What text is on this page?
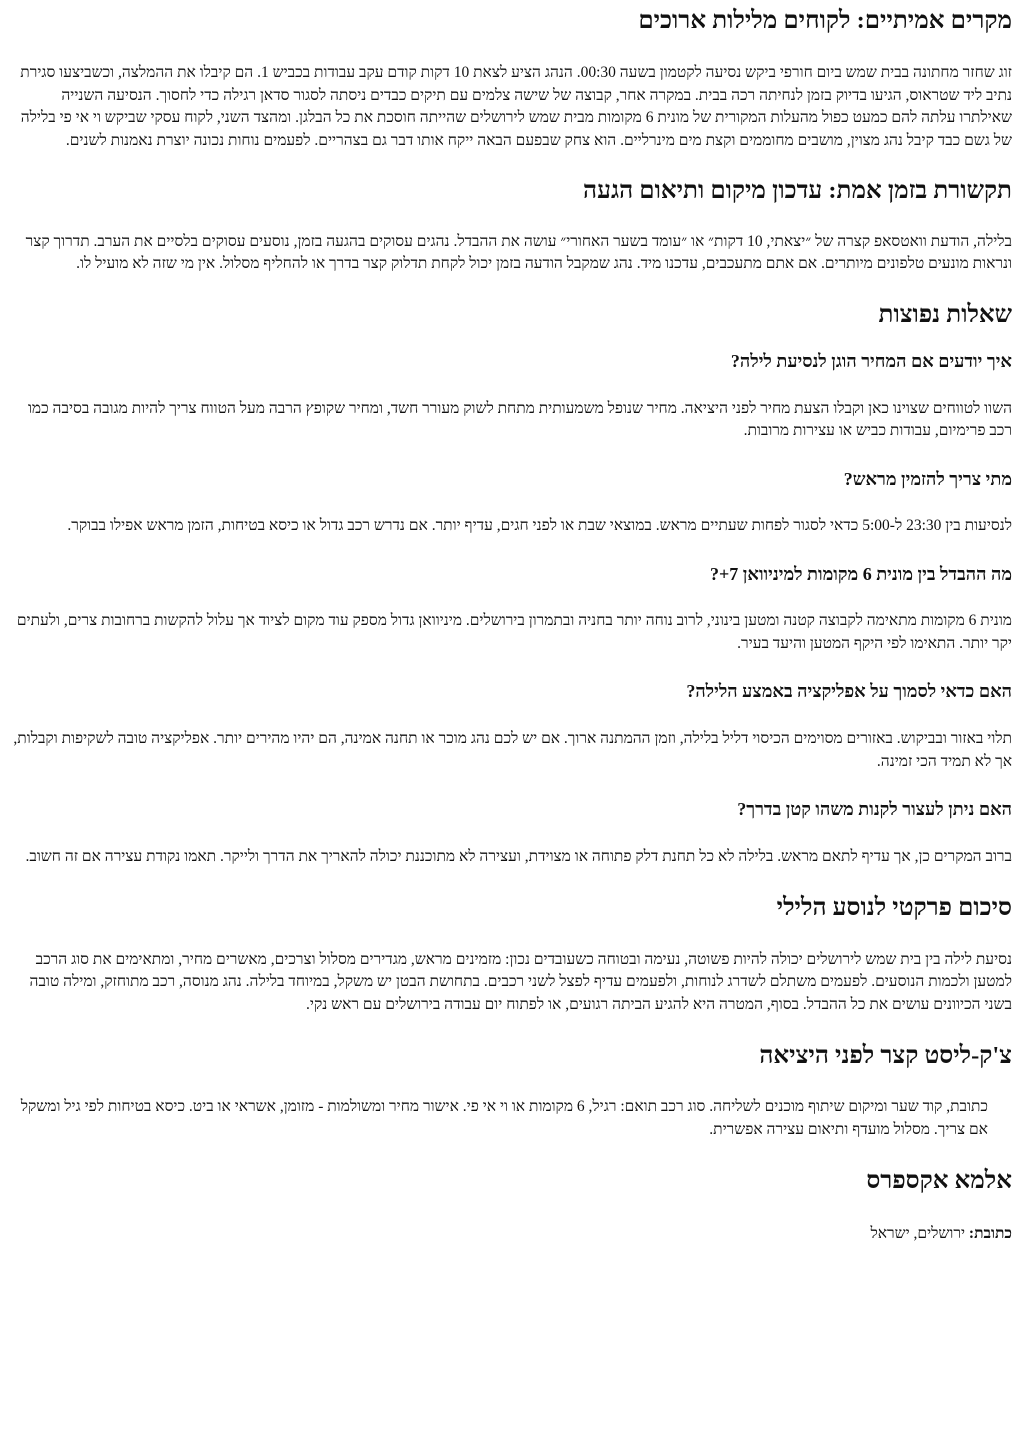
מקרים אמיתיים: לקוחים מלילות ארוכים

זוג שחזר מחתונה בבית שמש ביום חורפי ביקש נסיעה לקטמון בשעה 00:30. הנהג הציע לצאת 10 דקות קודם עקב עבודות בכביש 1. הם קיבלו את ההמלצה, וכשביצעו סגירת נתיב ליד שטראוס, הגיעו בדיוק בזמן לנחיתה רכה בבית. במקרה אחר, קבוצה של שישה צלמים עם תיקים כבדים ניסתה לסגור סדאן רגילה כדי לחסוך. הנסיעה השנייה שאילתרו עלתה להם כמעט כפול מהעלות המקורית של מונית 6 מקומות מבית שמש לירושלים שהייתה חוסכת את כל הבלגן. ומהצד השני, לקוח עסקי שביקש וי אי פי בלילה של גשם כבד קיבל נהג מצוין, מושבים מחוממים וקצת מים מינרליים. הוא צחק שבפעם הבאה ייקח אותו דבר גם בצהריים. לפעמים נוחות נכונה יוצרת נאמנות לשנים.

תקשורת בזמן אמת: עדכון מיקום ותיאום הגעה

בלילה, הודעת וואטסאפ קצרה של ״יצאתי, 10 דקות״ או ״עומד בשער האחורי״ עושה את ההבדל. נהגים עסוקים בהגעה בזמן, נוסעים עסוקים בלסיים את הערב. תדרוך קצר ונראות מונעים טלפונים מיותרים. אם אתם מתעכבים, עדכנו מיד. נהג שמקבל הודעה בזמן יכול לקחת תדלוק קצר בדרך או להחליף מסלול. אין מי שזה לא מועיל לו.

שאלות נפוצות
איך יודעים אם המחיר הוגן לנסיעת לילה?

השוו לטווחים שצוינו כאן וקבלו הצעת מחיר לפני היציאה. מחיר שנופל משמעותית מתחת לשוק מעורר חשד, ומחיר שקופץ הרבה מעל הטווח צריך להיות מגובה בסיבה כמו רכב פרימיום, עבודות כביש או עצירות מרובות.

מתי צריך להזמין מראש?

לנסיעות בין 23:30 ל-5:00 כדאי לסגור לפחות שעתיים מראש. במוצאי שבת או לפני חגים, עדיף יותר. אם נדרש רכב גדול או כיסא בטיחות, הזמן מראש אפילו בבוקר.

מה ההבדל בין מונית 6 מקומות למיניוואן 7+?

מונית 6 מקומות מתאימה לקבוצה קטנה ומטען בינוני, לרוב נוחה יותר בחניה ובתמרון בירושלים. מיניוואן גדול מספק עוד מקום לציוד אך עלול להקשות ברחובות צרים, ולעתים יקר יותר. התאימו לפי היקף המטען והיעד בעיר.

האם כדאי לסמוך על אפליקציה באמצע הלילה?

תלוי באזור ובביקוש. באזורים מסוימים הכיסוי דליל בלילה, וזמן ההמתנה ארוך. אם יש לכם נהג מוכר או תחנה אמינה, הם יהיו מהירים יותר. אפליקציה טובה לשקיפות וקבלות, אך לא תמיד הכי זמינה.

האם ניתן לעצור לקנות משהו קטן בדרך?

ברוב המקרים כן, אך עדיף לתאם מראש. בלילה לא כל תחנת דלק פתוחה או מצוידת, ועצירה לא מתוכננת יכולה להאריך את הדרך ולייקר. תאמו נקודת עצירה אם זה חשוב.

סיכום פרקטי לנוסע הלילי

נסיעת לילה בין בית שמש לירושלים יכולה להיות פשוטה, נעימה ובטוחה כשעובדים נכון: מזמינים מראש, מגדירים מסלול וצרכים, מאשרים מחיר, ומתאימים את סוג הרכב למטען ולכמות הנוסעים. לפעמים משתלם לשדרג לנוחות, ולפעמים עדיף לפצל לשני רכבים. בתחושת הבטן יש משקל, במיוחד בלילה. נהג מנוסה, רכב מתוחזק, ומילה טובה בשני הכיוונים עושים את כל ההבדל. בסוף, המטרה היא להגיע הביתה רגועים, או לפתוח יום עבודה בירושלים עם ראש נקי.

צ'ק-ליסט קצר לפני היציאה

כתובת, קוד שער ומיקום שיתוף מוכנים לשליחה. סוג רכב תואם: רגיל, 6 מקומות או וי אי פי. אישור מחיר ומשולמות - מזומן, אשראי או ביט. כיסא בטיחות לפי גיל ומשקל אם צריך. מסלול מועדף ותיאום עצירה אפשרית.

אלמא אקספרס
כתובת: ירושלים, ישראל
